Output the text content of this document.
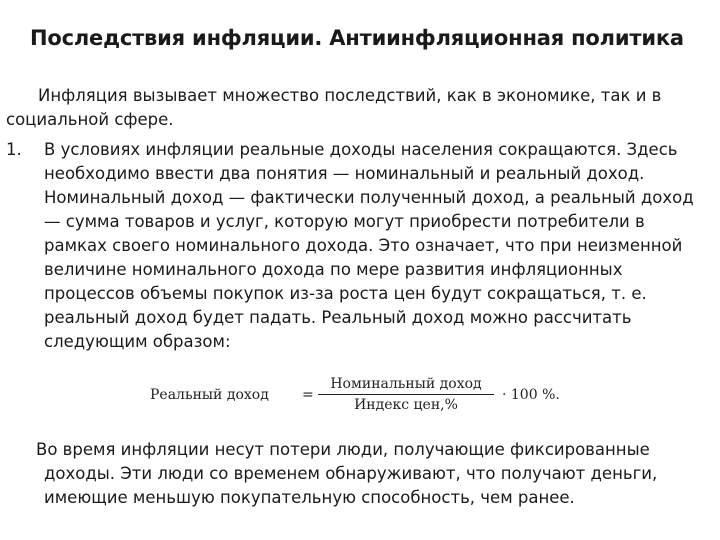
Последствия инфляции. Антиинфляционная политика
Инфляция вызывает множество последствий, как в экономике, так и в социальной сфере.
1.	В условиях инфляции реальные доходы населения сокращаются. Здесь необходимо ввести два понятия — номинальный и реальный доход. Номинальный доход — фактически полученный доход, а реальный доход — сумма товаров и услуг, которую могут приобрести потребители в рамках своего номинального дохода. Это означает, что при неизменной величине номинального дохода по мере развития инфляционных процессов объемы покупок из-за роста цен будут сокращаться, т. е. реальный доход будет падать. Реальный доход можно рассчитать следующим образом:
Реальный доход =
Номинальный доход
Индекс цен,%
· 100 %.
Во время инфляции несут потери люди, получающие фиксированные
доходы. Эти люди со временем обнаруживают, что получают деньги, имеющие меньшую покупательную способность, чем ранее.
